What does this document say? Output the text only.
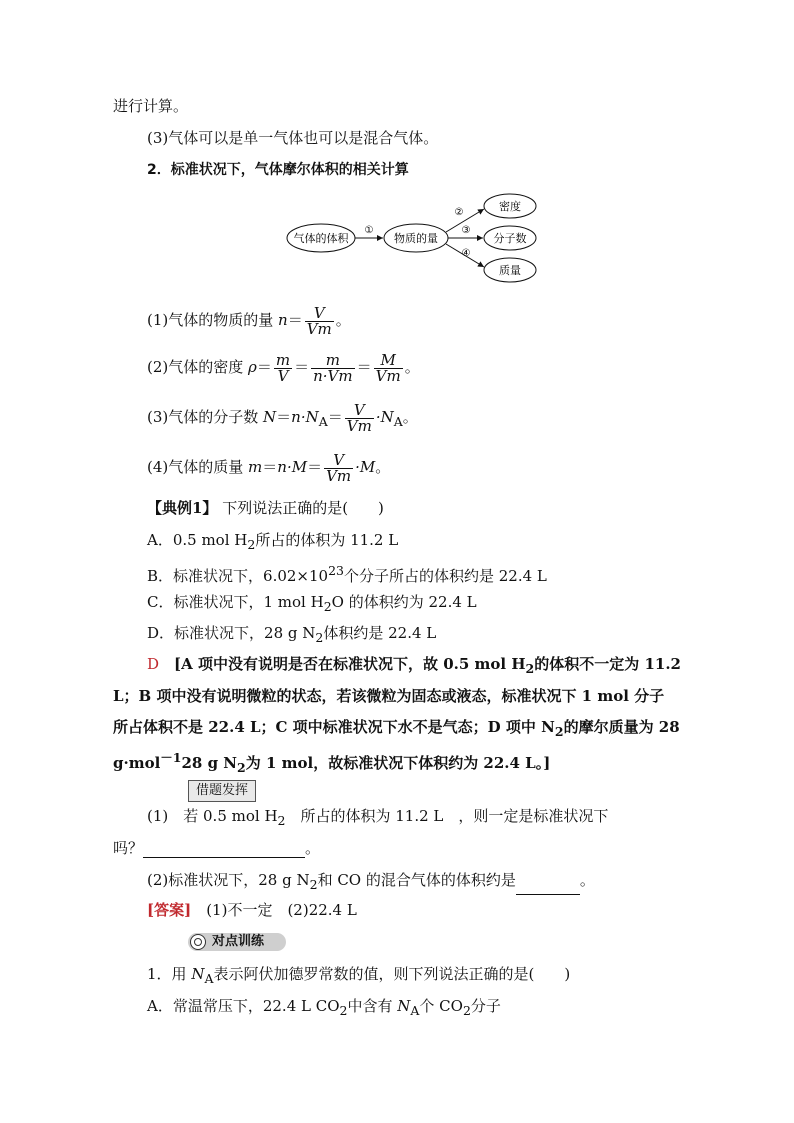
进行计算。
(3)气体可以是单一气体也可以是混合气体。
2．标准状况下，气体摩尔体积的相关计算
气体的体积	物质的量
密度
分子数
质量
①
②
③
④
(1)气体的物质的量 $n= \frac{V}{Vm}$ 。
(2)气体的密度 $\rho= \frac{m}{V} = \frac{m}{n\cdot Vm} = \frac{M}{Vm}$ 。
(3)气体的分子数 $N=n\cdot N_A= \frac{V}{Vm} \cdot N_A$。
(4)气体的质量 $m=n\cdot M= \frac{V}{Vm} \cdot M$。
【典例1】 下列说法正确的是(　　)
A．0.5 mol $H_2$所占的体积为 11.2 L
B．标准状况下，$6.02\times 10^{23}$个分子所占的体积约是 22.4 L
C．标准状况下，1 mol $H_2O$ 的体积约为 22.4 L
D．标准状况下，28 g $N_2$体积约是 22.4 L
D　 [A 项中没有说明是否在标准状况下，故 0.5 mol $H_2$的体积不一定为 11.2
L；B 项中没有说明微粒的状态，若该微粒为固态或液态，标准状况下 1 mol 分子
所占体积不是 22.4 L；C 项中标准状况下水不是气态；D 项中 $N_2$的摩尔质量为 28
g·mol$^{-1}$28 g $N_2$为 1 mol，故标准状况下体积约为 22.4 L。]
借题发挥
(1)　若 0.5 mol $H_2$　所占的体积为 11.2 L　，则一定是标准状况下
吗？	。
(2)标准状况下，28 g $N_2$和 CO 的混合气体的体积约是	。
[答案]　(1)不一定　(2)22.4 L
对点训练
1．用 $N_A$表示阿伏加德罗常数的值，则下列说法正确的是(　　)
A．常温常压下，22.4 L $CO_2$中含有 $N_A$个 $CO_2$分子
